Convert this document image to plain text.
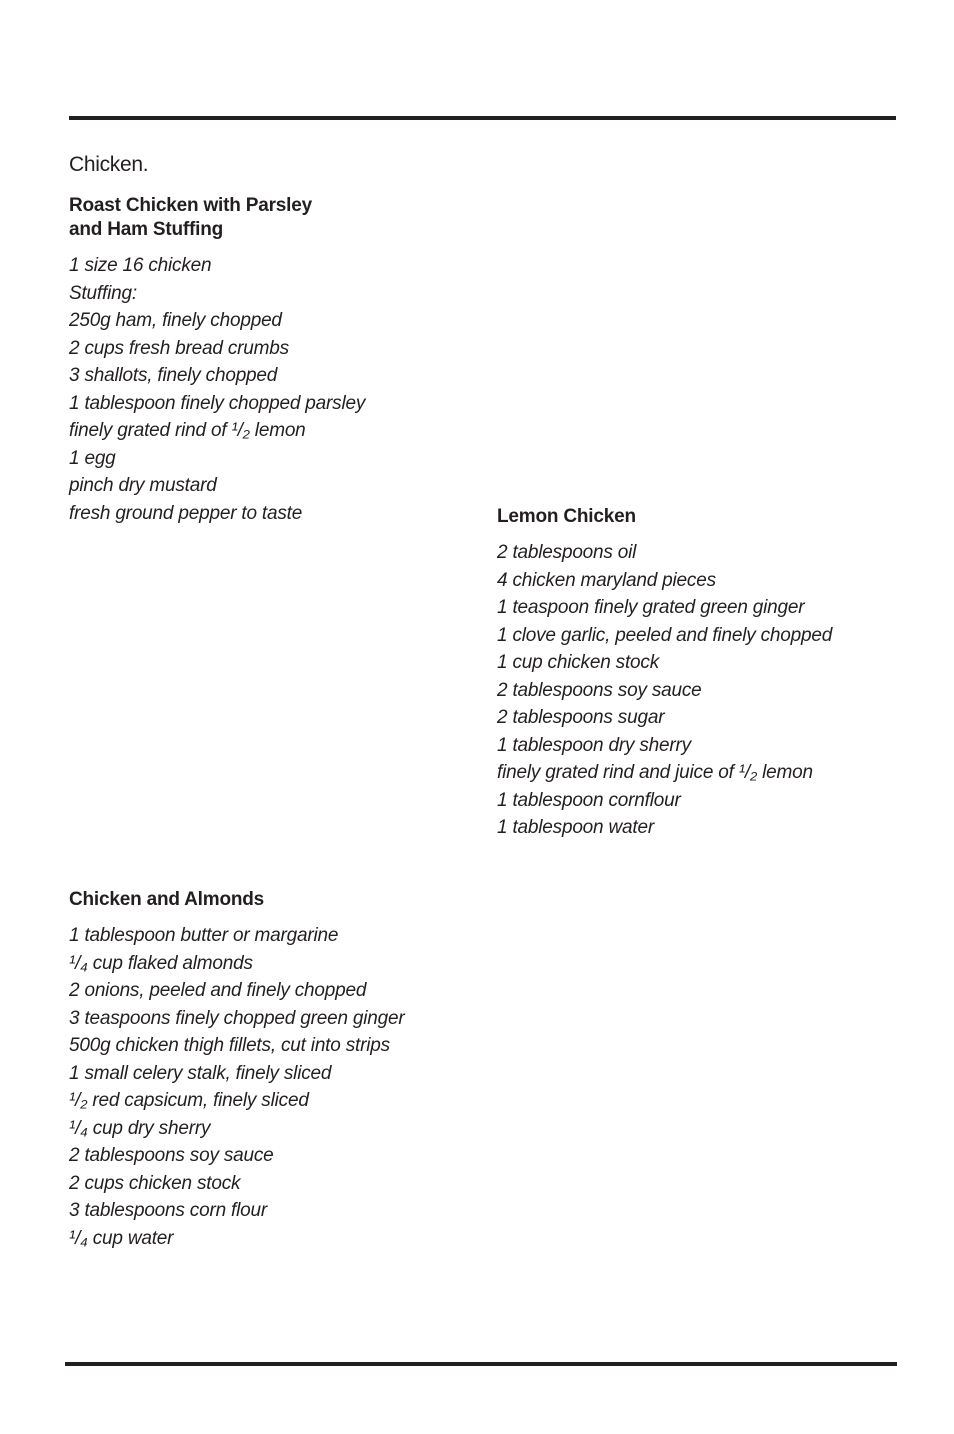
Chicken.
Roast Chicken with Parsley
and Ham Stuffing
1 size 16 chicken
Stuffing:
250g ham, finely chopped
2 cups fresh bread crumbs
3 shallots, finely chopped
1 tablespoon finely chopped parsley
finely grated rind of ¹/₂ lemon
1 egg
pinch dry mustard
fresh ground pepper to taste	Lemon Chicken
2 tablespoons oil
4 chicken maryland pieces
1 teaspoon finely grated green ginger
1 clove garlic, peeled and finely chopped
1 cup chicken stock
2 tablespoons soy sauce
2 tablespoons sugar
1 tablespoon dry sherry
finely grated rind and juice of ¹/₂ lemon
1 tablespoon cornflour
1 tablespoon water
Chicken and Almonds
1 tablespoon butter or margarine
¹/₄ cup flaked almonds
2 onions, peeled and finely chopped
3 teaspoons finely chopped green ginger
500g chicken thigh fillets, cut into strips
1 small celery stalk, finely sliced
¹/₂ red capsicum, finely sliced
¹/₄ cup dry sherry
2 tablespoons soy sauce
2 cups chicken stock
3 tablespoons corn flour
¹/₄ cup water
